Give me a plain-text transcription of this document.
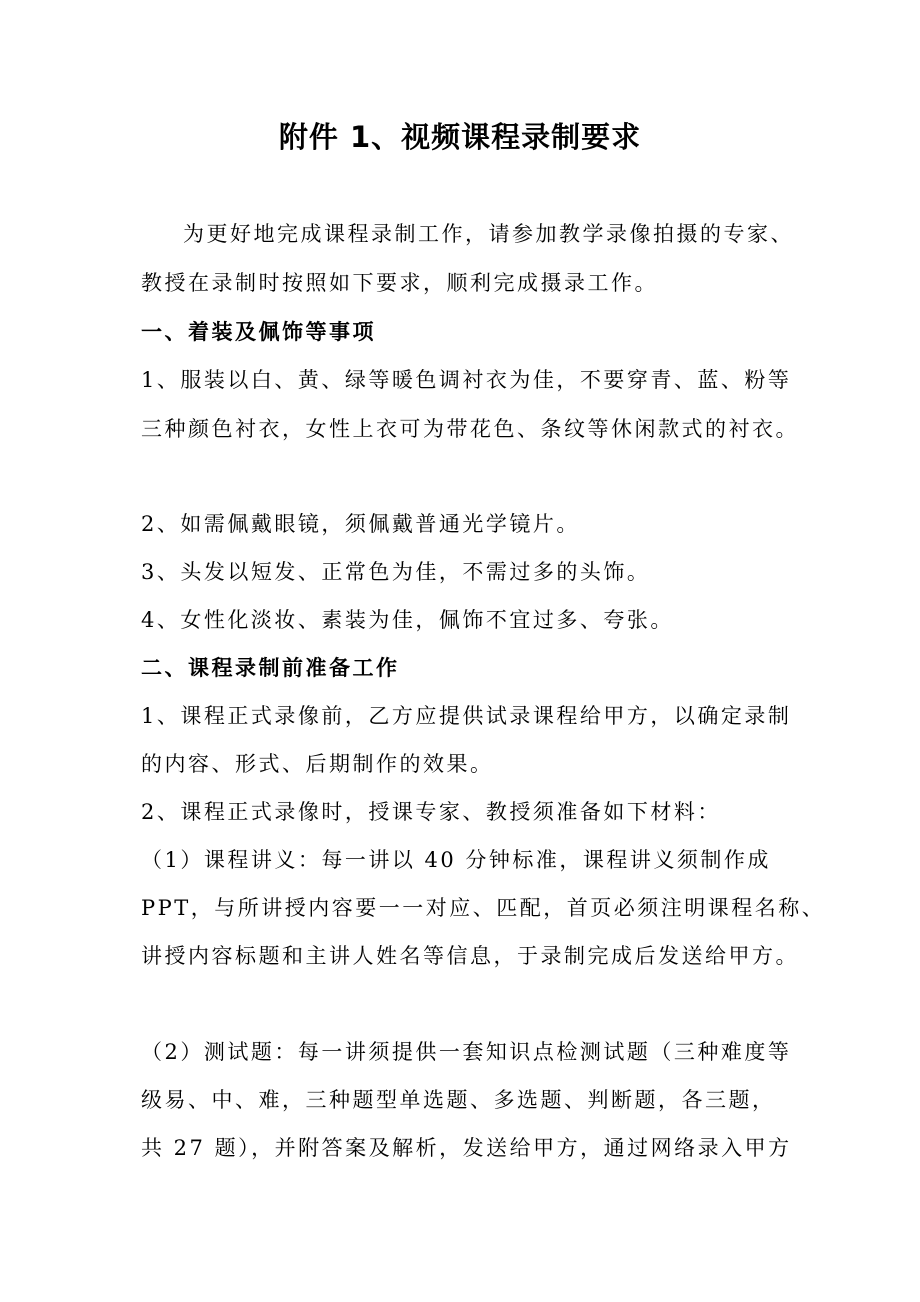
附件 1、视频课程录制要求
为更好地完成课程录制工作，请参加教学录像拍摄的专家、
教授在录制时按照如下要求，顺利完成摄录工作。
一、着装及佩饰等事项
1、服装以白、黄、绿等暖色调衬衣为佳，不要穿青、蓝、粉等
三种颜色衬衣，女性上衣可为带花色、条纹等休闲款式的衬衣。
2、如需佩戴眼镜，须佩戴普通光学镜片。
3、头发以短发、正常色为佳，不需过多的头饰。
4、女性化淡妆、素装为佳，佩饰不宜过多、夸张。
二、课程录制前准备工作
1、课程正式录像前，乙方应提供试录课程给甲方，以确定录制
的内容、形式、后期制作的效果。
2、课程正式录像时，授课专家、教授须准备如下材料：
（1）课程讲义：每一讲以 40 分钟标准，课程讲义须制作成
PPT，与所讲授内容要一一对应、匹配，首页必须注明课程名称、
讲授内容标题和主讲人姓名等信息，于录制完成后发送给甲方。
（2）测试题：每一讲须提供一套知识点检测试题（三种难度等
级易、中、难，三种题型单选题、多选题、判断题，各三题，
共 27 题），并附答案及解析，发送给甲方，通过网络录入甲方
